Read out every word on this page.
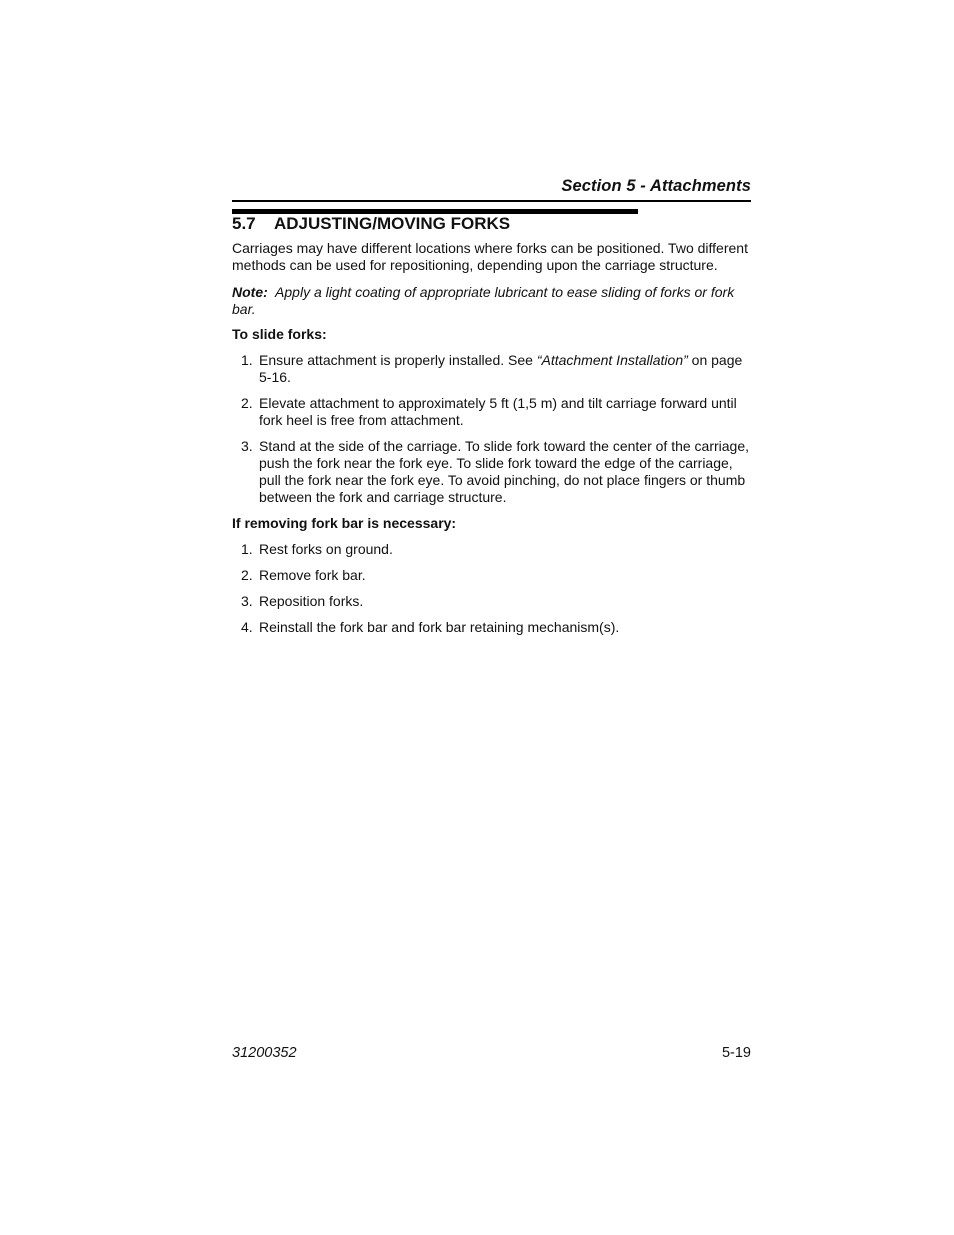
Section 5 - Attachments
5.7 ADJUSTING/MOVING FORKS

Carriages may have different locations where forks can be positioned. Two different methods can be used for repositioning, depending upon the carriage structure.

Note: Apply a light coating of appropriate lubricant to ease sliding of forks or fork bar.

To slide forks:

1. Ensure attachment is properly installed. See “Attachment Installation” on page 5-16.
2. Elevate attachment to approximately 5 ft (1,5 m) and tilt carriage forward until fork heel is free from attachment.
3. Stand at the side of the carriage. To slide fork toward the center of the carriage, push the fork near the fork eye. To slide fork toward the edge of the carriage, pull the fork near the fork eye. To avoid pinching, do not place fingers or thumb between the fork and carriage structure.

If removing fork bar is necessary:

1. Rest forks on ground.
2. Remove fork bar.
3. Reposition forks.
4. Reinstall the fork bar and fork bar retaining mechanism(s).
31200352	5-19
